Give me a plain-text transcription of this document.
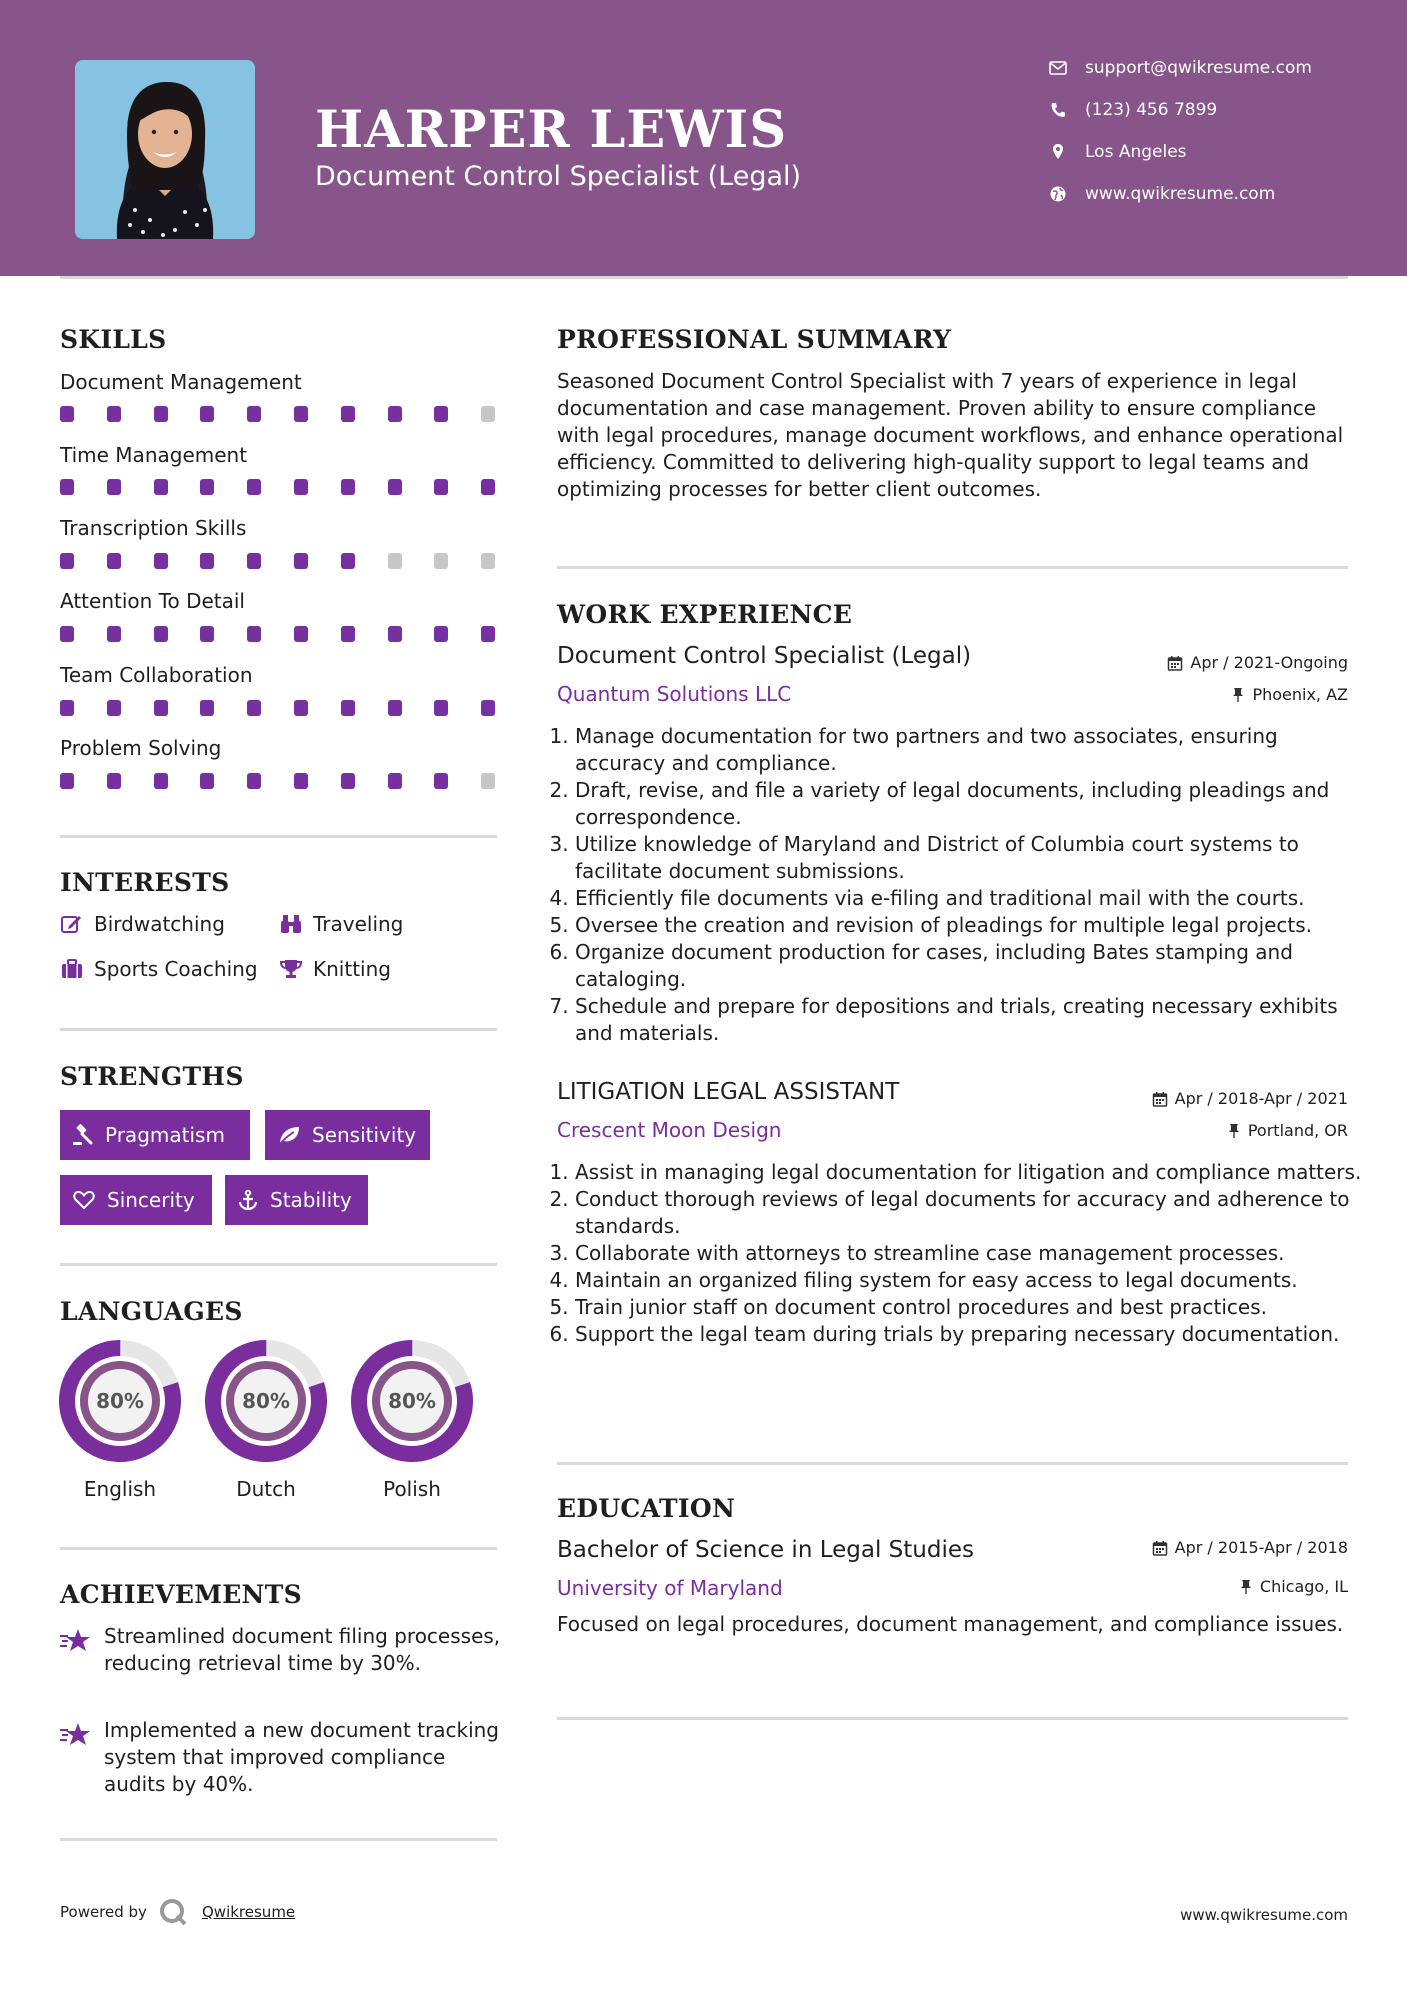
HARPER LEWIS
Document Control Specialist (Legal)
support@qwikresume.com
(123) 456 7899
Los Angeles
www.qwikresume.com
SKILLS
Document Management
Time Management
Transcription Skills
Attention To Detail
Team Collaboration
Problem Solving
INTERESTS
Birdwatching	Traveling
Sports Coaching	Knitting
STRENGTHS
Pragmatism	Sensitivity
Sincerity	Stability
LANGUAGES
80%	80%	80%
English	Dutch	Polish
ACHIEVEMENTS
Streamlined document filing processes, reducing retrieval time by 30%.
Implemented a new document tracking system that improved compliance audits by 40%.
PROFESSIONAL SUMMARY
Seasoned Document Control Specialist with 7 years of experience in legal documentation and case management. Proven ability to ensure compliance with legal procedures, manage document workflows, and enhance operational efficiency. Committed to delivering high-quality support to legal teams and optimizing processes for better client outcomes.
WORK EXPERIENCE
Document Control Specialist (Legal)	Apr / 2021-Ongoing
Quantum Solutions LLC	Phoenix, AZ
1. Manage documentation for two partners and two associates, ensuring accuracy and compliance.
2. Draft, revise, and file a variety of legal documents, including pleadings and correspondence.
3. Utilize knowledge of Maryland and District of Columbia court systems to facilitate document submissions.
4. Efficiently file documents via e-filing and traditional mail with the courts.
5. Oversee the creation and revision of pleadings for multiple legal projects.
6. Organize document production for cases, including Bates stamping and cataloging.
7. Schedule and prepare for depositions and trials, creating necessary exhibits and materials.
LITIGATION LEGAL ASSISTANT	Apr / 2018-Apr / 2021
Crescent Moon Design	Portland, OR
1. Assist in managing legal documentation for litigation and compliance matters.
2. Conduct thorough reviews of legal documents for accuracy and adherence to standards.
3. Collaborate with attorneys to streamline case management processes.
4. Maintain an organized filing system for easy access to legal documents.
5. Train junior staff on document control procedures and best practices.
6. Support the legal team during trials by preparing necessary documentation.
EDUCATION
Bachelor of Science in Legal Studies	Apr / 2015-Apr / 2018
University of Maryland	Chicago, IL
Focused on legal procedures, document management, and compliance issues.
Powered by	Qwikresume	www.qwikresume.com
